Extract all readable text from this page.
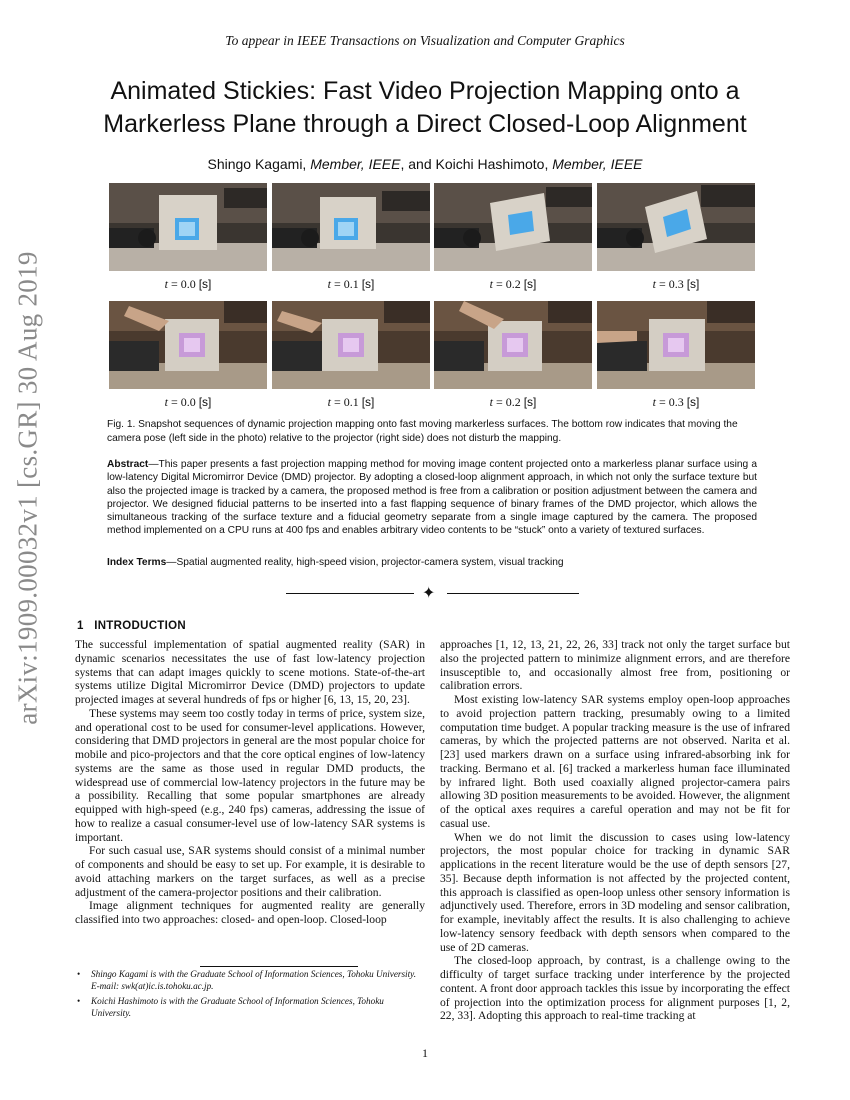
To appear in IEEE Transactions on Visualization and Computer Graphics
Animated Stickies: Fast Video Projection Mapping onto a
Markerless Plane through a Direct Closed-Loop Alignment
Shingo Kagami, Member, IEEE, and Koichi Hashimoto, Member, IEEE
arXiv:1909.00032v1 [cs.GR] 30 Aug 2019	t = 0.0 [s]	t = 0.1 [s]	t = 0.2 [s]	t = 0.3 [s]
t = 0.0 [s]	t = 0.1 [s]	t = 0.2 [s]	t = 0.3 [s]
Fig. 1. Snapshot sequences of dynamic projection mapping onto fast moving markerless surfaces. The bottom row indicates that moving the camera pose (left side in the photo) relative to the projector (right side) does not disturb the mapping.
Abstract—This paper presents a fast projection mapping method for moving image content projected onto a markerless planar surface using a low-latency Digital Micromirror Device (DMD) projector. By adopting a closed-loop alignment approach, in which not only the surface texture but also the projected image is tracked by a camera, the proposed method is free from a calibration or position adjustment between the camera and projector. We designed fiducial patterns to be inserted into a fast flapping sequence of binary frames of the DMD projector, which allows the simultaneous tracking of the surface texture and a fiducial geometry separate from a single image captured by the camera. The proposed method implemented on a CPU runs at 400 fps and enables arbitrary video contents to be “stuck” onto a variety of textured surfaces.
Index Terms—Spatial augmented reality, high-speed vision, projector-camera system, visual tracking
✦
1 INTRODUCTION

The successful implementation of spatial augmented reality (SAR) in dynamic scenarios necessitates the use of fast low-latency projection systems that can adapt images quickly to scene motions. State-of-the-art systems utilize Digital Micromirror Device (DMD) projectors to update projected images at several hundreds of fps or higher [6, 13, 15, 20, 23].

These systems may seem too costly today in terms of price, system size, and operational cost to be used for consumer-level applications. However, considering that DMD projectors in general are the most popular choice for mobile and pico-projectors and that the core optical engines of low-latency systems are the same as those used in regular DMD products, the widespread use of commercial low-latency projectors in the future may be a possibility. Recalling that some popular smartphones are already equipped with high-speed (e.g., 240 fps) cameras, addressing the issue of how to realize a casual consumer-level use of low-latency SAR systems is important.

For such casual use, SAR systems should consist of a minimal number of components and should be easy to set up. For example, it is desirable to avoid attaching markers on the target surfaces, as well as a precise adjustment of the camera-projector positions and their calibration.

Image alignment techniques for augmented reality are generally classified into two approaches: closed- and open-loop. Closed-loop

approaches [1, 12, 13, 21, 22, 26, 33] track not only the target surface but also the projected pattern to minimize alignment errors, and are therefore insusceptible to, and occasionally almost free from, positioning or calibration errors.

Most existing low-latency SAR systems employ open-loop approaches to avoid projection pattern tracking, presumably owing to a limited computation time budget. A popular tracking measure is the use of infrared cameras, by which the projected patterns are not observed. Narita et al. [23] used markers drawn on a surface using infrared-absorbing ink for tracking. Bermano et al. [6] tracked a markerless human face illuminated by infrared light. Both used coaxially aligned projector-camera pairs allowing 3D position measurements to be avoided. However, the alignment of the optical axes requires a careful operation and may not be fit for casual use.

When we do not limit the discussion to cases using low-latency projectors, the most popular choice for tracking in dynamic SAR applications in the recent literature would be the use of depth sensors [27, 35]. Because depth information is not affected by the projected content, this approach is classified as open-loop unless other sensory information is adjunctively used. Therefore, errors in 3D modeling and sensor calibration, for example, inevitably affect the results. It is also challenging to achieve low-latency sensory feedback with depth sensors when compared to the use of 2D cameras.

The closed-loop approach, by contrast, is a challenge owing to the difficulty of target surface tracking under interference by the projected content. A front door approach tackles this issue by incorporating the effect of projection into the optimization process for alignment purposes [1, 2, 22, 33]. Adopting this approach to real-time tracking at

• Shingo Kagami is with the Graduate School of Information Sciences, Tohoku University. E-mail: swk(at)ic.is.tohoku.ac.jp.
• Koichi Hashimoto is with the Graduate School of Information Sciences, Tohoku University.
1
